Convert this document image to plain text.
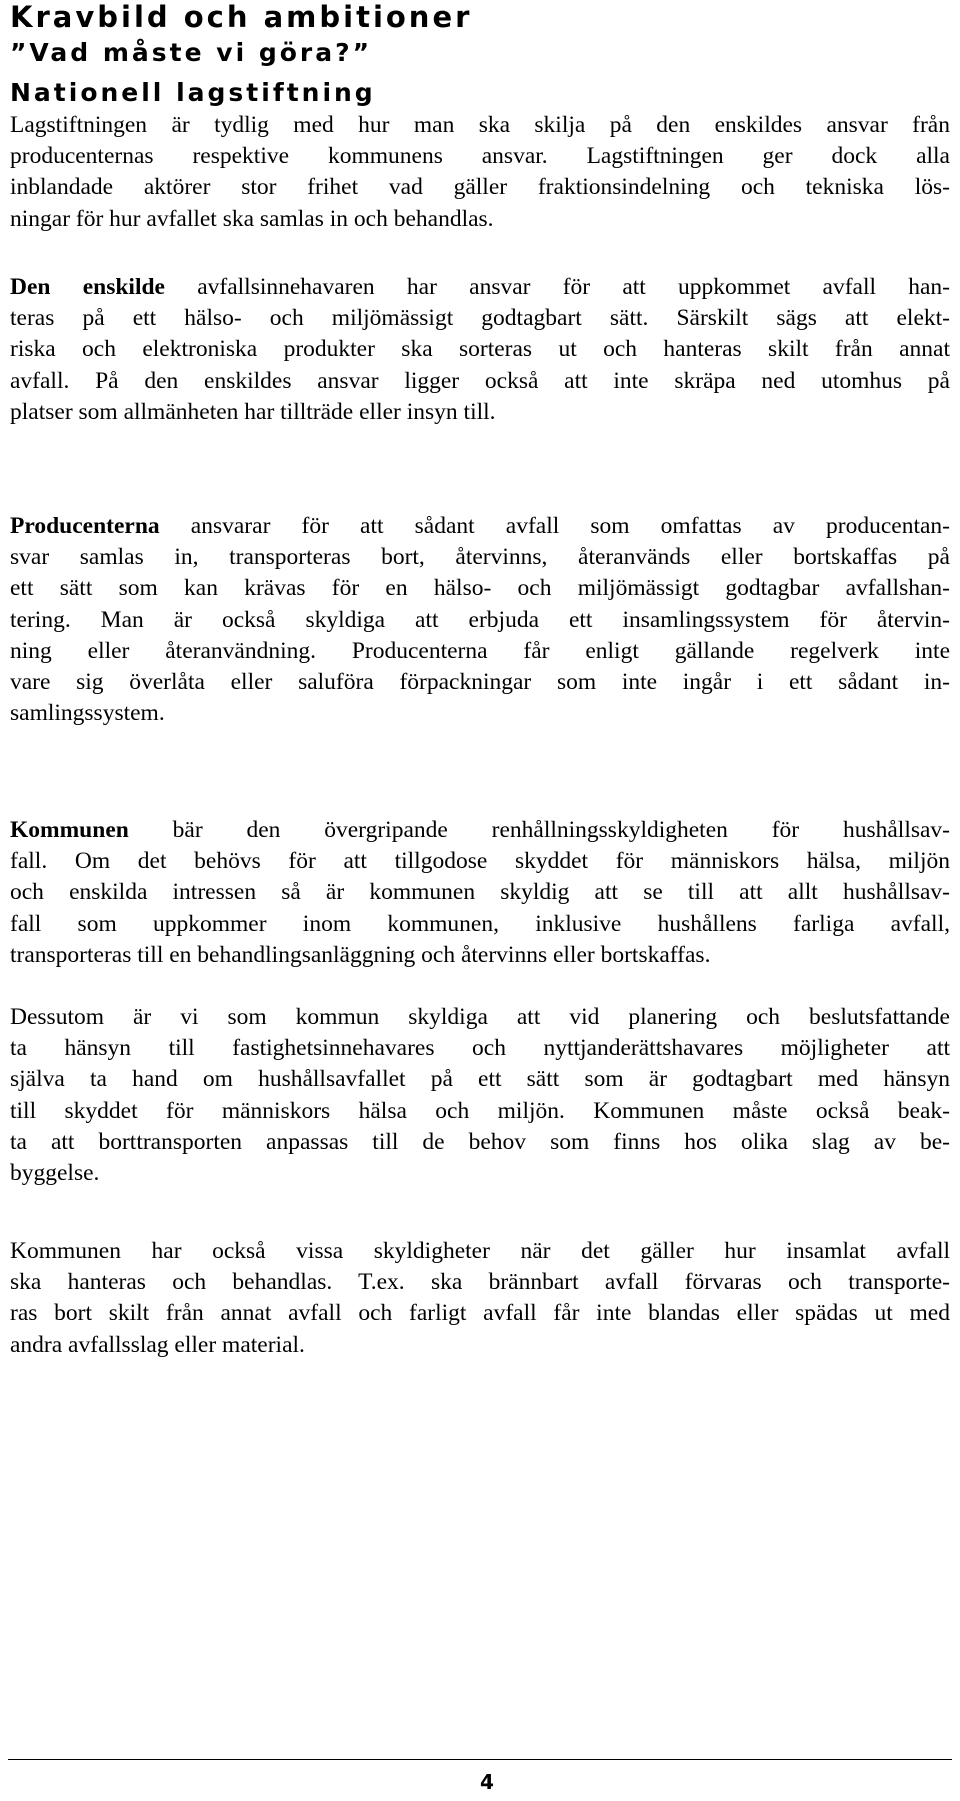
Kravbild och ambitioner
”Vad måste vi göra?”
Nationell lagstiftning

Lagstiftningen är tydlig med hur man ska skilja på den enskildes ansvar från
producenternas respektive kommunens ansvar. Lagstiftningen ger dock alla
inblandade aktörer stor frihet vad gäller fraktionsindelning och tekniska lös-
ningar för hur avfallet ska samlas in och behandlas.

Den enskilde avfallsinnehavaren har ansvar för att uppkommet avfall han-
teras på ett hälso- och miljömässigt godtagbart sätt. Särskilt sägs att elekt-
riska och elektroniska produkter ska sorteras ut och hanteras skilt från annat
avfall. På den enskildes ansvar ligger också att inte skräpa ned utomhus på
platser som allmänheten har tillträde eller insyn till.

Producenterna ansvarar för att sådant avfall som omfattas av producentan-
svar samlas in, transporteras bort, återvinns, återanvänds eller bortskaffas på
ett sätt som kan krävas för en hälso- och miljömässigt godtagbar avfallshan-
tering. Man är också skyldiga att erbjuda ett insamlingssystem för återvin-
ning eller återanvändning. Producenterna får enligt gällande regelverk inte
vare sig överlåta eller saluföra förpackningar som inte ingår i ett sådant in-
samlingssystem.

Kommunen bär den övergripande renhållningsskyldigheten för hushållsav-
fall. Om det behövs för att tillgodose skyddet för människors hälsa, miljön
och enskilda intressen så är kommunen skyldig att se till att allt hushållsav-
fall som uppkommer inom kommunen, inklusive hushållens farliga avfall,
transporteras till en behandlingsanläggning och återvinns eller bortskaffas.

Dessutom är vi som kommun skyldiga att vid planering och beslutsfattande
ta hänsyn till fastighetsinnehavares och nyttjanderättshavares möjligheter att
själva ta hand om hushållsavfallet på ett sätt som är godtagbart med hänsyn
till skyddet för människors hälsa och miljön. Kommunen måste också beak-
ta att borttransporten anpassas till de behov som finns hos olika slag av be-
byggelse.

Kommunen har också vissa skyldigheter när det gäller hur insamlat avfall
ska hanteras och behandlas. T.ex. ska brännbart avfall förvaras och transporte-
ras bort skilt från annat avfall och farligt avfall får inte blandas eller spädas ut med
andra avfallsslag eller material.

4
